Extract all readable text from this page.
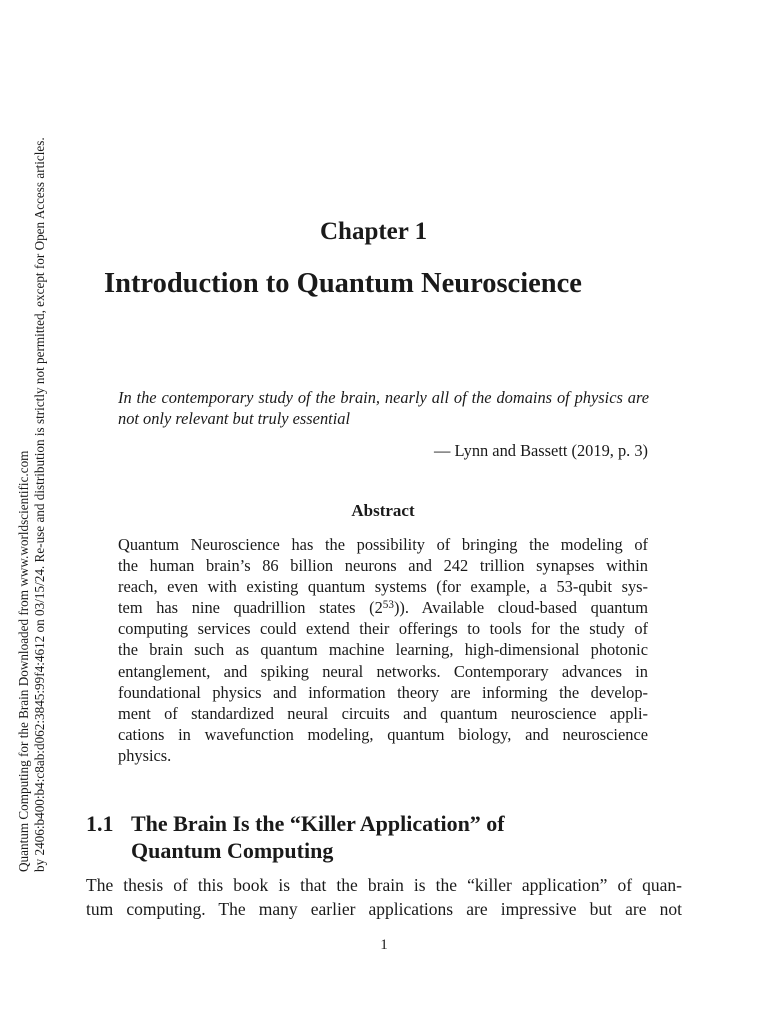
Quantum Computing for the Brain Downloaded from www.worldscientific.com by 2406:b400:b4:c8ab:d062:3845:99f4:4612 on 03/15/24. Re-use and distribution is strictly not permitted, except for Open Access articles.	Chapter 1
Introduction to Quantum Neuroscience
In the contemporary study of the brain, nearly all of the domains of physics are not only relevant but truly essential
— Lynn and Bassett (2019, p. 3)
Abstract
Quantum Neuroscience has the possibility of bringing the modeling of
the human brain’s 86 billion neurons and 242 trillion synapses within
reach, even with existing quantum systems (for example, a 53-qubit sys-
tem has nine quadrillion states $(2^{53})$). Available cloud-based quantum
computing services could extend their offerings to tools for the study of
the brain such as quantum machine learning, high-dimensional photonic
entanglement, and spiking neural networks. Contemporary advances in
foundational physics and information theory are informing the develop-
ment of standardized neural circuits and quantum neuroscience appli-
cations in wavefunction modeling, quantum biology, and neuroscience
physics.
1.1 The Brain Is the “Killer Application” of
Quantum Computing
The thesis of this book is that the brain is the “killer application” of quan-
tum computing. The many earlier applications are impressive but are not
1
